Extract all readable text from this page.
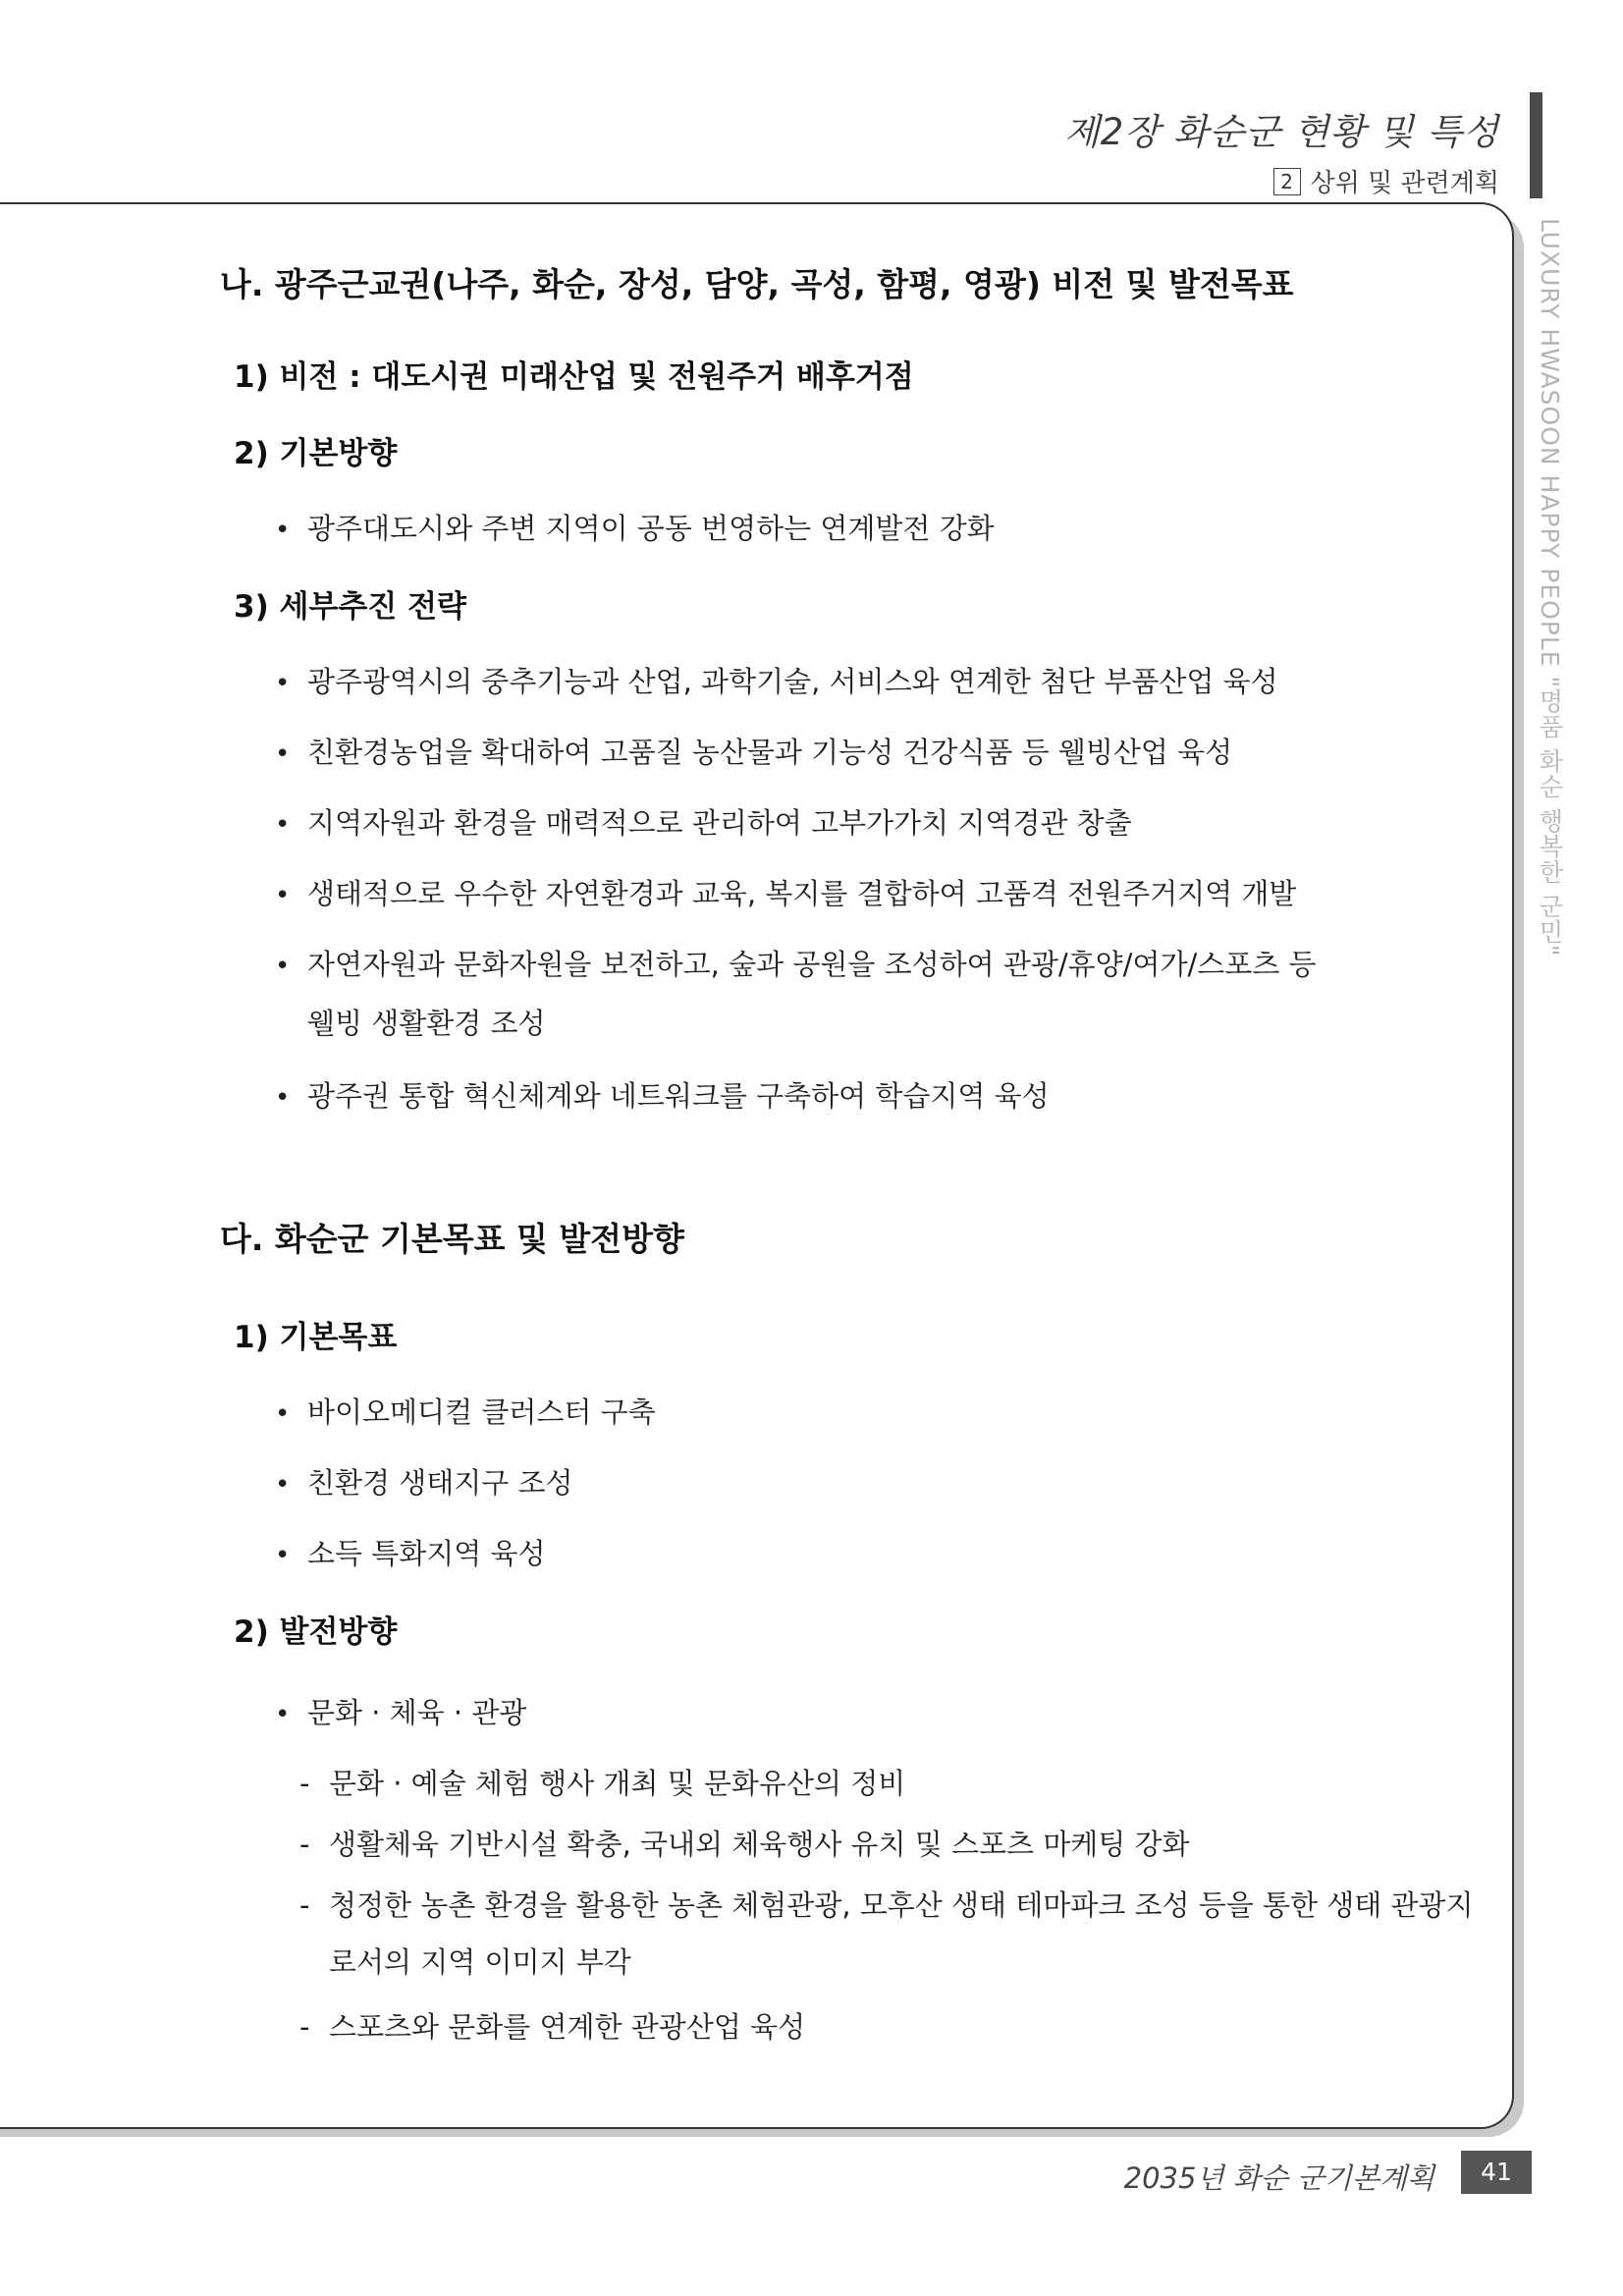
제2장 화순군 현황 및 특성
2 상위 및 관련계획
LUXURY HWASOON HAPPY PEOPLE "명품 화순 행복한 군민"
나. 광주근교권(나주, 화순, 장성, 담양, 곡성, 함평, 영광) 비전 및 발전목표
1) 비전 : 대도시권 미래산업 및 전원주거 배후거점
2) 기본방향
• 광주대도시와 주변 지역이 공동 번영하는 연계발전 강화
3) 세부추진 전략
• 광주광역시의 중추기능과 산업, 과학기술, 서비스와 연계한 첨단 부품산업 육성
• 친환경농업을 확대하여 고품질 농산물과 기능성 건강식품 등 웰빙산업 육성
• 지역자원과 환경을 매력적으로 관리하여 고부가가치 지역경관 창출
• 생태적으로 우수한 자연환경과 교육, 복지를 결합하여 고품격 전원주거지역 개발
• 자연자원과 문화자원을 보전하고, 숲과 공원을 조성하여 관광/휴양/여가/스포츠 등
웰빙 생활환경 조성
• 광주권 통합 혁신체계와 네트워크를 구축하여 학습지역 육성
다. 화순군 기본목표 및 발전방향
1) 기본목표
• 바이오메디컬 클러스터 구축
• 친환경 생태지구 조성
• 소득 특화지역 육성
2) 발전방향
• 문화 · 체육 · 관광
- 문화 · 예술 체험 행사 개최 및 문화유산의 정비
- 생활체육 기반시설 확충, 국내외 체육행사 유치 및 스포츠 마케팅 강화
- 청정한 농촌 환경을 활용한 농촌 체험관광, 모후산 생태 테마파크 조성 등을 통한 생태 관광지
로서의 지역 이미지 부각
- 스포츠와 문화를 연계한 관광산업 육성
2035년 화순 군기본계획	41
